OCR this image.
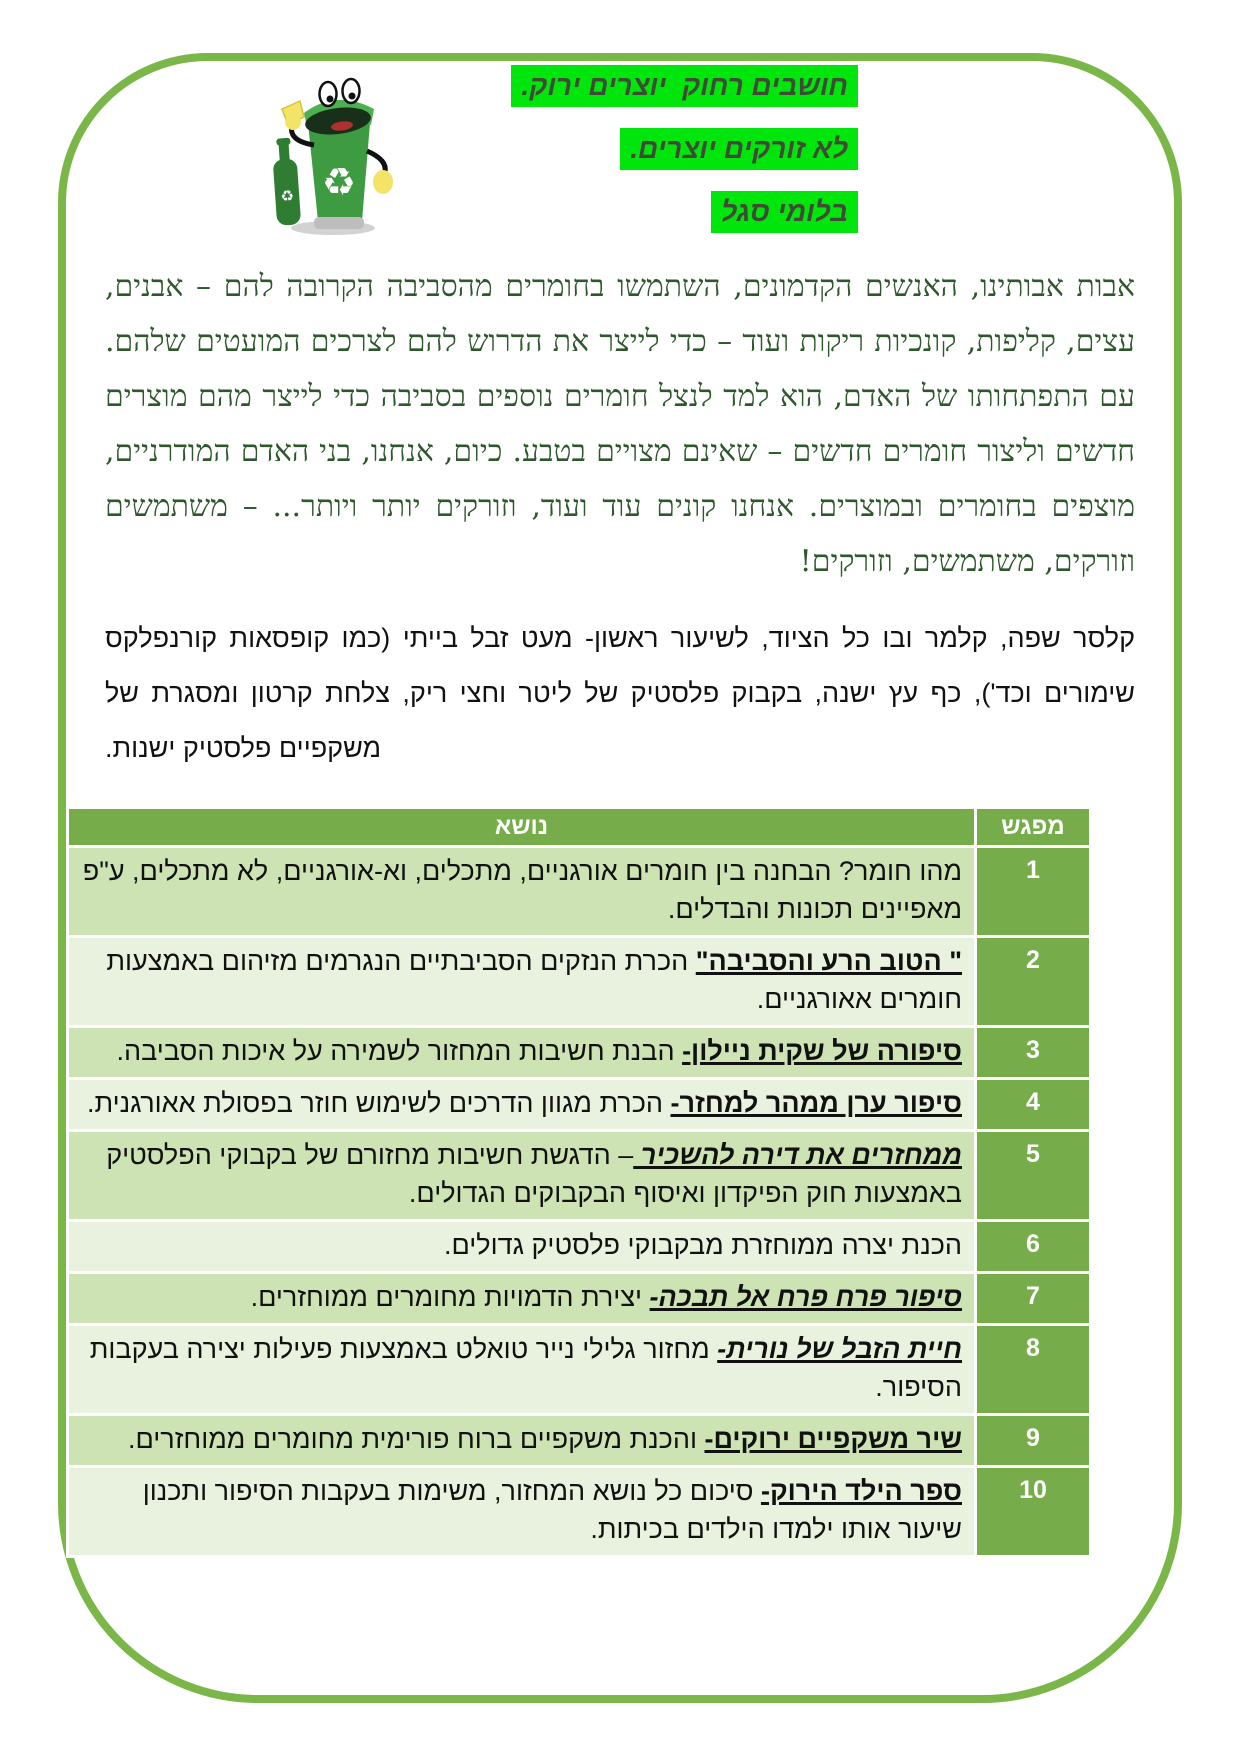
♻ ♻
חושבים רחוק  יוצרים ירוק.
לא זורקים יוצרים.
בלומי סגל

אבות אבותינו, האנשים הקדמונים, השתמשו בחומרים מהסביבה הקרובה להם – אבנים, עצים, קליפות, קונכיות ריקות ועוד – כדי לייצר את הדרוש להם לצרכים המועטים שלהם. עם התפתחותו של האדם, הוא למד לנצל חומרים נוספים בסביבה כדי לייצר מהם מוצרים חדשים וליצור חומרים חדשים – שאינם מצויים בטבע. כיום, אנחנו, בני האדם המודרניים, מוצפים בחומרים ובמוצרים. אנחנו קונים עוד ועוד, וזורקים יותר ויותר... – משתמשים וזורקים, משתמשים, וזורקים!

קלסר שפה, קלמר ובו כל הציוד, לשיעור ראשון- מעט זבל בייתי (כמו קופסאות קורנפלקס שימורים וכד'), כף עץ ישנה, בקבוק פלסטיק של ליטר וחצי ריק, צלחת קרטון ומסגרת של משקפיים פלסטיק ישנות.

מפגש	נושא
1	מהו חומר? הבחנה בין חומרים אורגניים, מתכלים, וא-אורגניים, לא מתכלים, ע"פ מאפיינים תכונות והבדלים.
2	" הטוב הרע והסביבה" הכרת הנזקים הסביבתיים הנגרמים מזיהום באמצעות חומרים אאורגניים.
3	סיפורה של שקית ניילון- הבנת חשיבות המחזור לשמירה על איכות הסביבה.
4	סיפור ערן ממהר למחזר- הכרת מגוון הדרכים לשימוש חוזר בפסולת אאורגנית.
5	ממחזרים את דירה להשכיר – הדגשת חשיבות מחזורם של בקבוקי הפלסטיק באמצעות חוק הפיקדון ואיסוף הבקבוקים הגדולים.
6	הכנת יצרה ממוחזרת מבקבוקי פלסטיק גדולים.
7	סיפור פרח פרח אל תבכה- יצירת הדמויות מחומרים ממוחזרים.
8	חיית הזבל של נורית- מחזור גלילי נייר טואלט באמצעות פעילות יצירה בעקבות הסיפור.
9	שיר משקפיים ירוקים- והכנת משקפיים ברוח פורימית מחומרים ממוחזרים.
10	ספר הילד הירוק- סיכום כל נושא המחזור, משימות בעקבות הסיפור ותכנון שיעור אותו ילמדו הילדים בכיתות.
